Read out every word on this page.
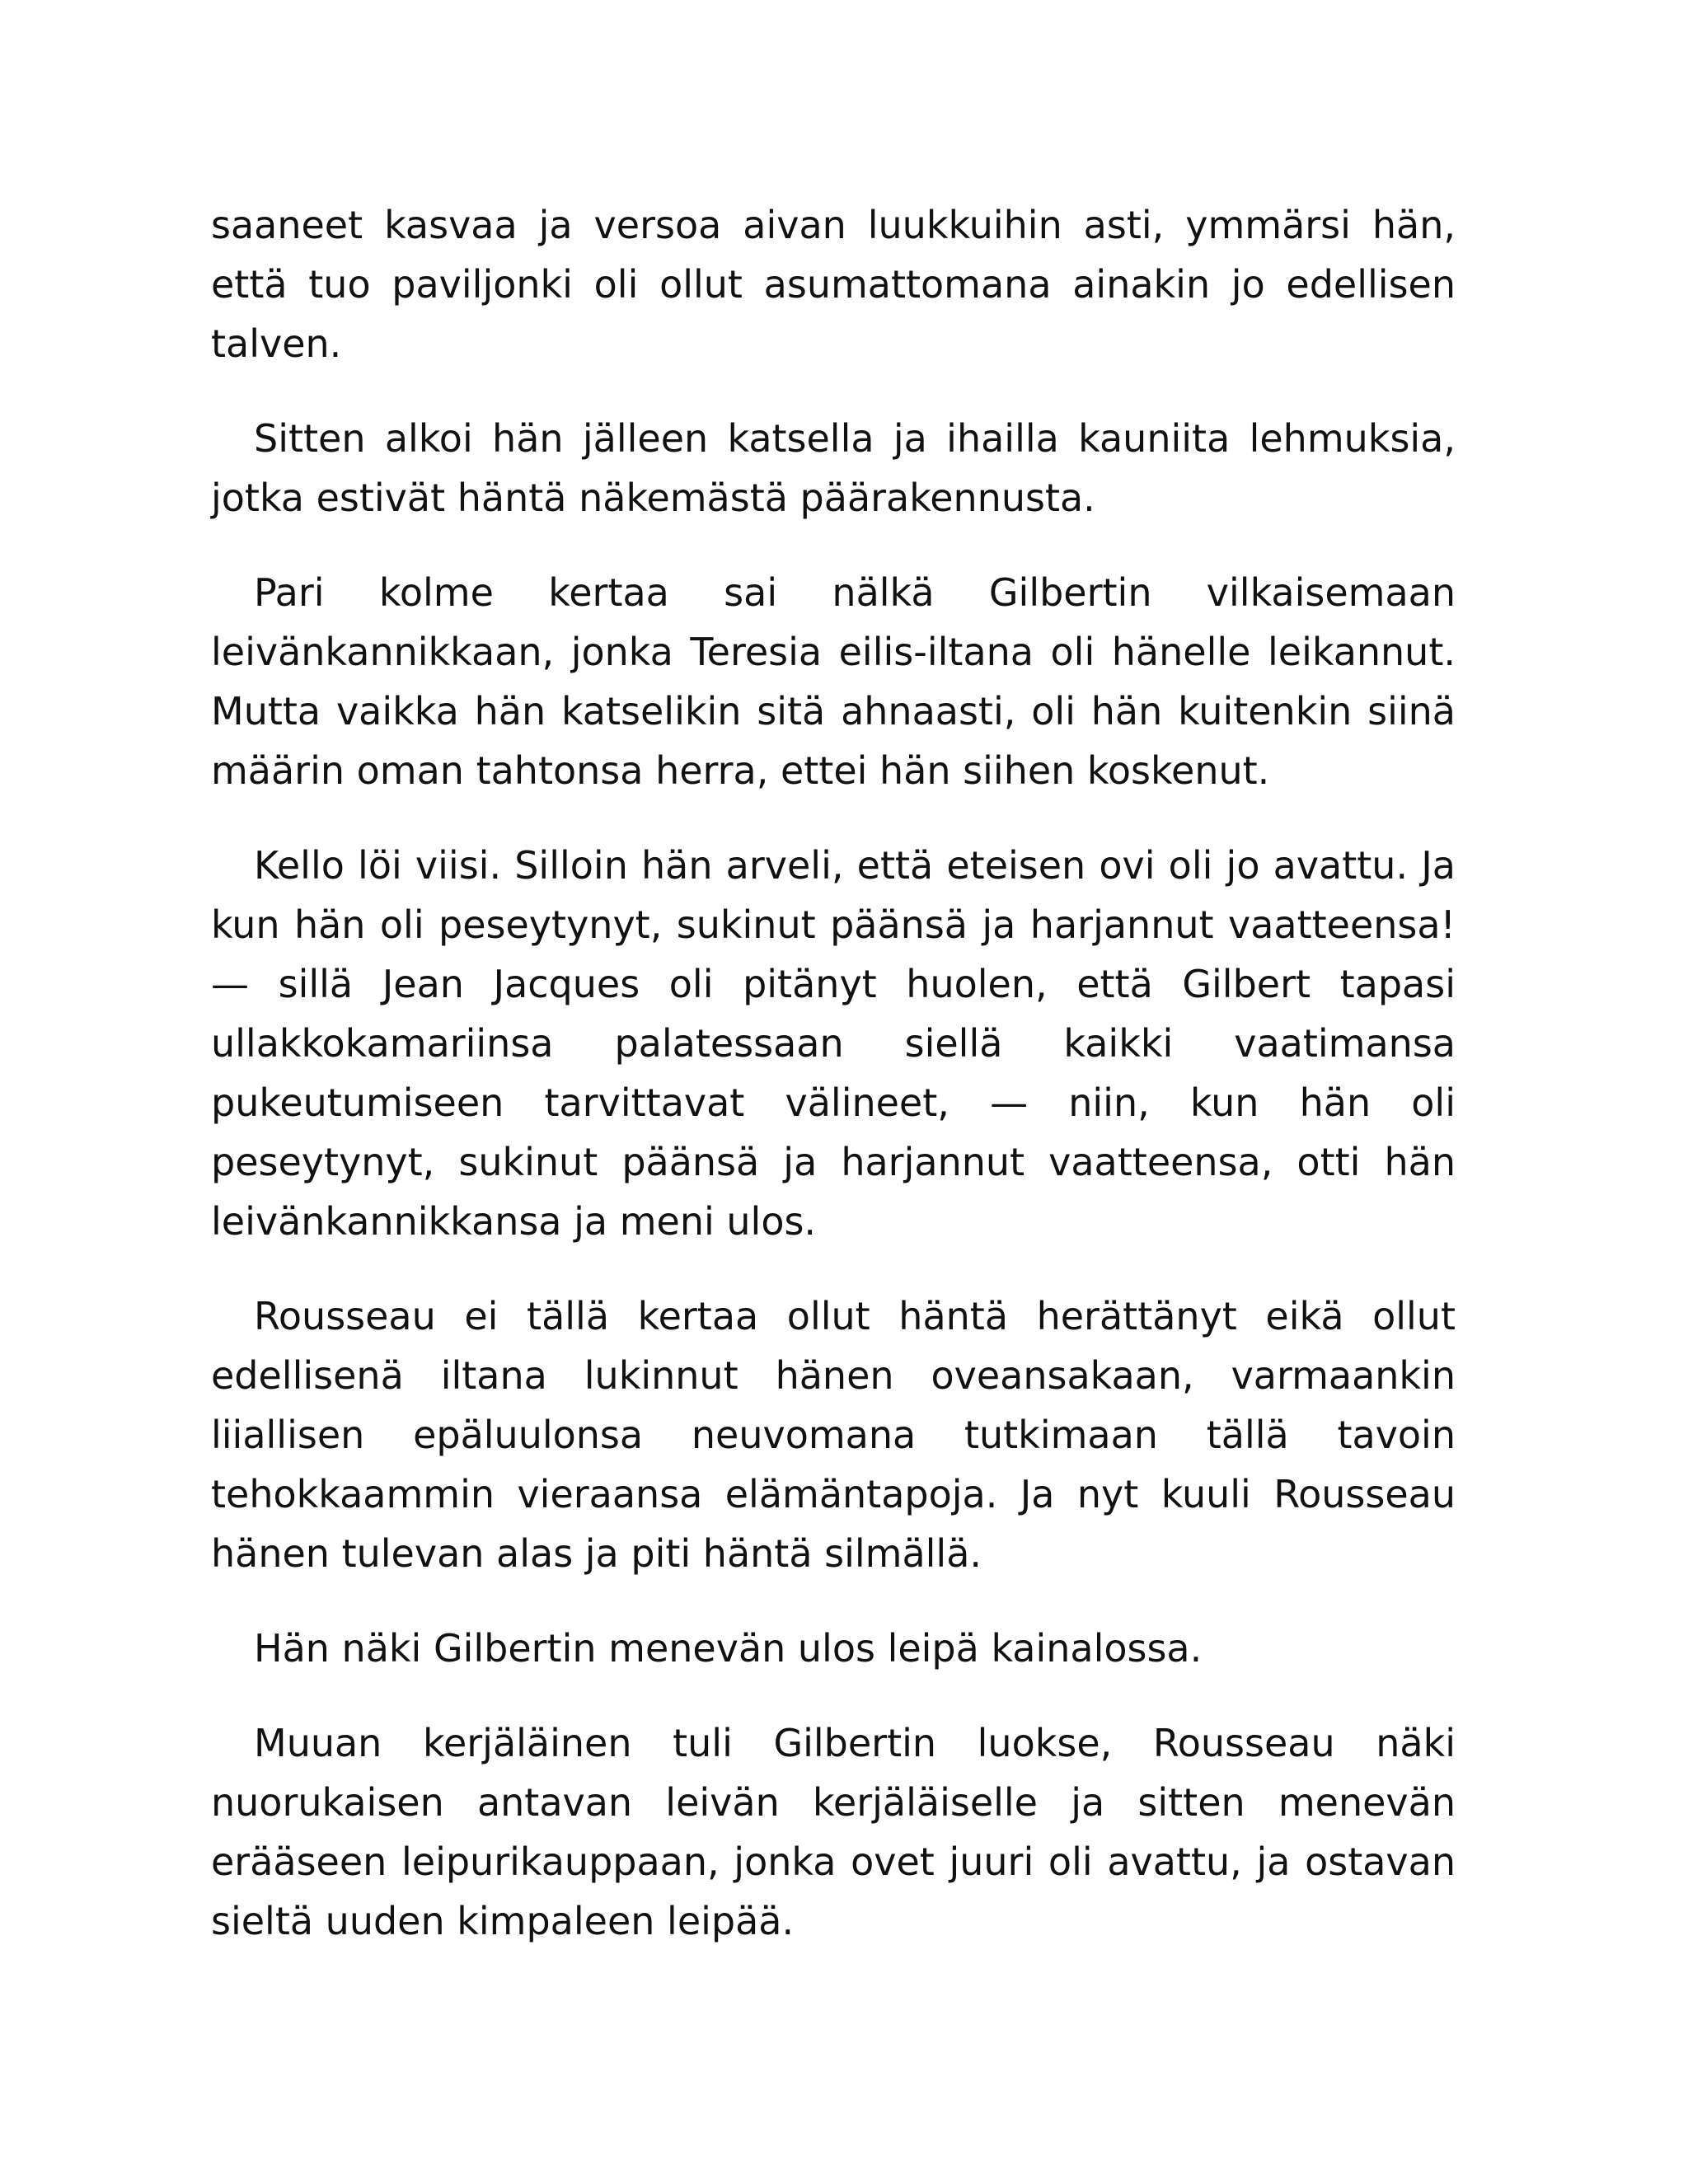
saaneet kasvaa ja versoa aivan luukkuihin asti, ymmärsi hän, että tuo paviljonki oli ollut asumattomana ainakin jo edellisen talven.

Sitten alkoi hän jälleen katsella ja ihailla kauniita lehmuksia, jotka estivät häntä näkemästä päärakennusta.

Pari kolme kertaa sai nälkä Gilbertin vilkaisemaan leivänkannikkaan, jonka Teresia eilis-iltana oli hänelle leikannut. Mutta vaikka hän katselikin sitä ahnaasti, oli hän kuitenkin siinä määrin oman tahtonsa herra, ettei hän siihen koskenut.

Kello löi viisi. Silloin hän arveli, että eteisen ovi oli jo avattu. Ja kun hän oli peseytynyt, sukinut päänsä ja harjannut vaatteensa! — sillä Jean Jacques oli pitänyt huolen, että Gilbert tapasi ullakkokamariinsa palatessaan siellä kaikki vaatimansa pukeutumiseen tarvittavat välineet, — niin, kun hän oli peseytynyt, sukinut päänsä ja harjannut vaatteensa, otti hän leivänkannikkansa ja meni ulos.

Rousseau ei tällä kertaa ollut häntä herättänyt eikä ollut edellisenä iltana lukinnut hänen oveansakaan, varmaankin liiallisen epäluulonsa neuvomana tutkimaan tällä tavoin tehokkaammin vieraansa elämäntapoja. Ja nyt kuuli Rousseau hänen tulevan alas ja piti häntä silmällä.

Hän näki Gilbertin menevän ulos leipä kainalossa.

Muuan kerjäläinen tuli Gilbertin luokse, Rousseau näki nuorukaisen antavan leivän kerjäläiselle ja sitten menevän erääseen leipurikauppaan, jonka ovet juuri oli avattu, ja ostavan sieltä uuden kimpaleen leipää.
